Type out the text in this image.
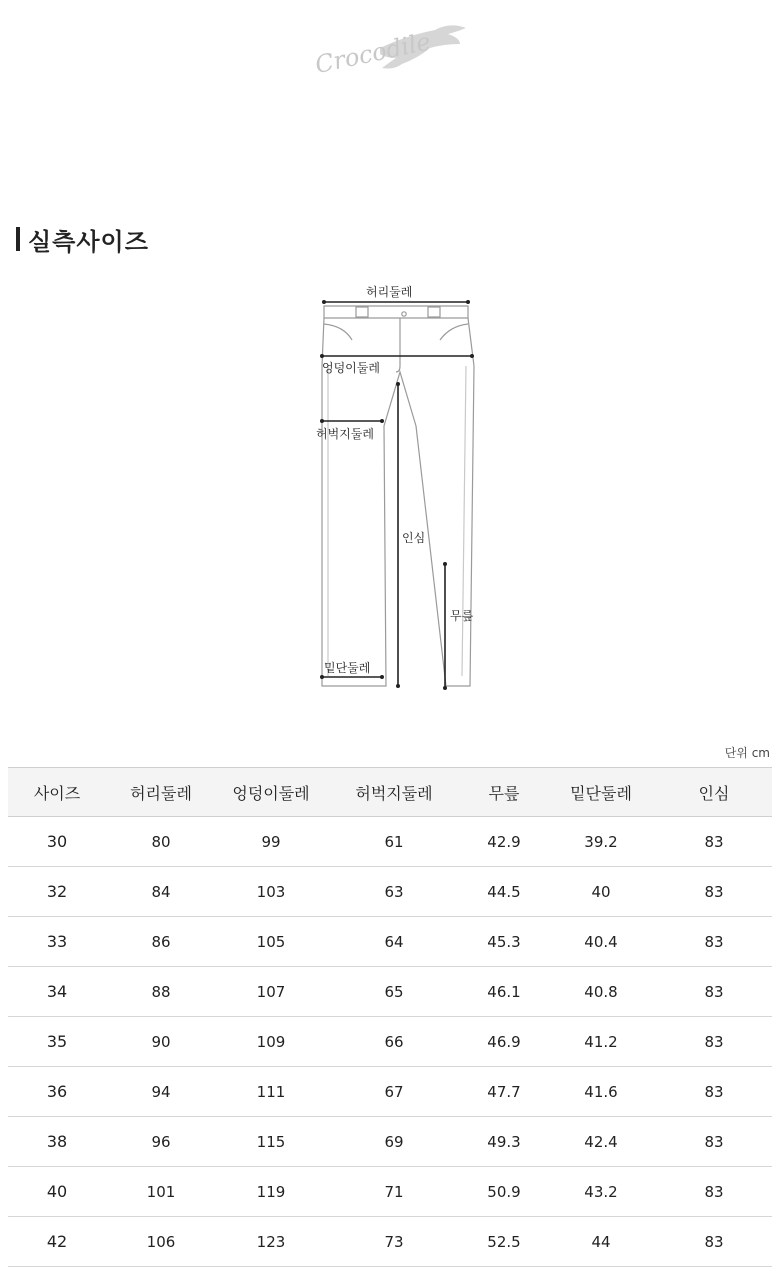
Crocodile
실측사이즈
허리둘레
엉덩이둘레
허벅지둘레
인심
무릎
밑단둘레
단위 cm
사이즈	허리둘레	엉덩이둘레	허벅지둘레	무릎	밑단둘레	인심
30	80	99	61	42.9	39.2	83
32	84	103	63	44.5	40	83
33	86	105	64	45.3	40.4	83
34	88	107	65	46.1	40.8	83
35	90	109	66	46.9	41.2	83
36	94	111	67	47.7	41.6	83
38	96	115	69	49.3	42.4	83
40	101	119	71	50.9	43.2	83
42	106	123	73	52.5	44	83
